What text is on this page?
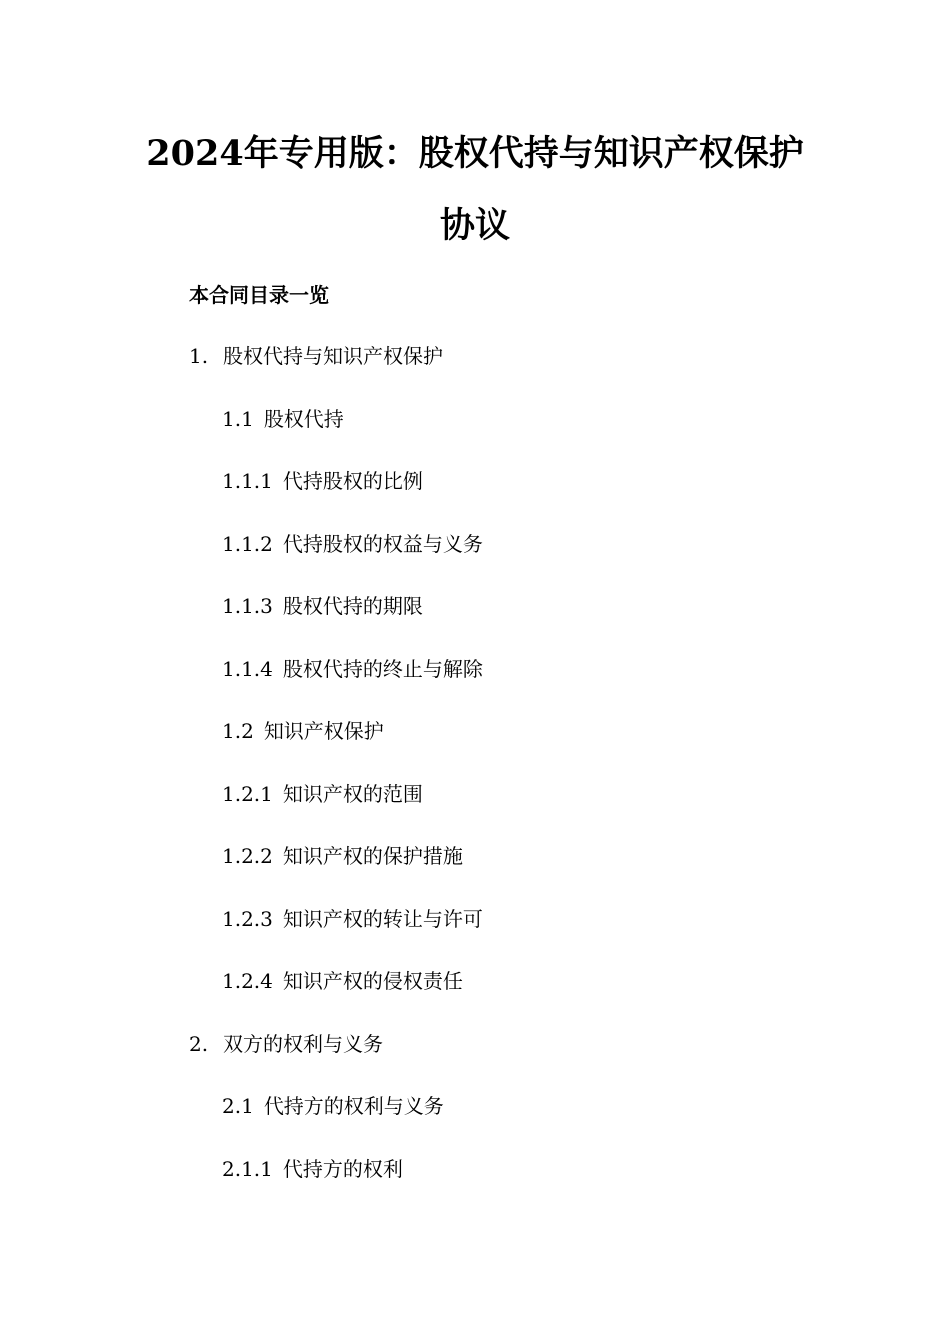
2024年专用版：股权代持与知识产权保护
协议
本合同目录一览
1. 股权代持与知识产权保护
1.1 股权代持
1.1.1 代持股权的比例
1.1.2 代持股权的权益与义务
1.1.3 股权代持的期限
1.1.4 股权代持的终止与解除
1.2 知识产权保护
1.2.1 知识产权的范围
1.2.2 知识产权的保护措施
1.2.3 知识产权的转让与许可
1.2.4 知识产权的侵权责任
2. 双方的权利与义务
2.1 代持方的权利与义务
2.1.1 代持方的权利
